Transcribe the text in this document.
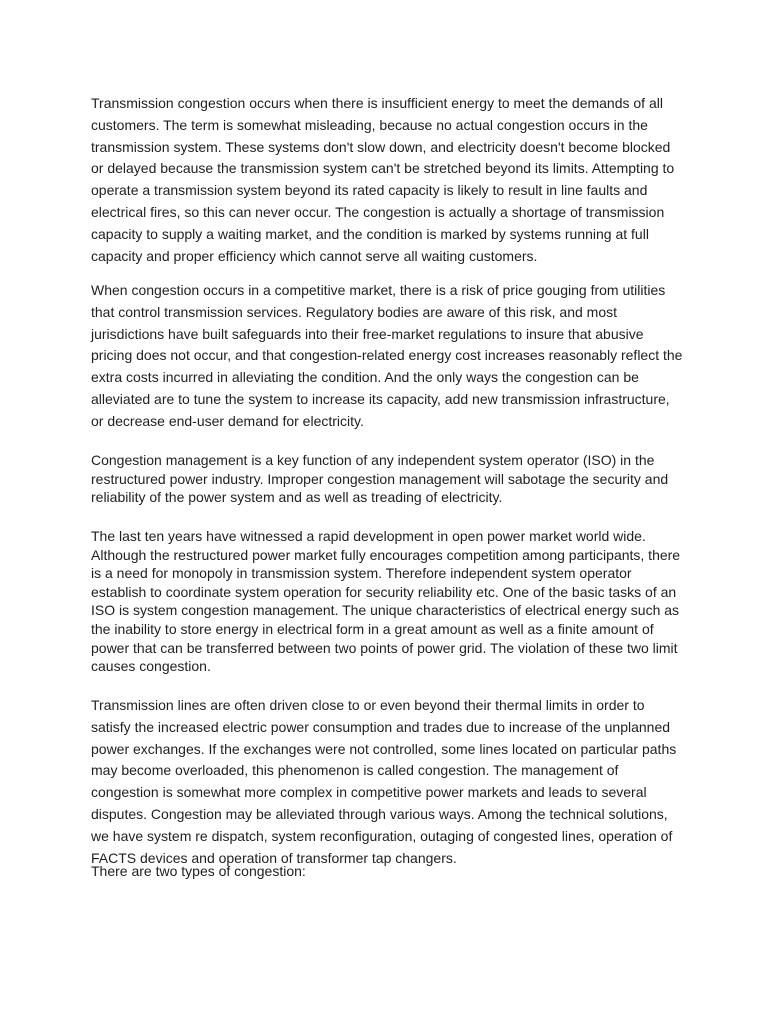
Transmission congestion occurs when there is insufficient energy to meet the demands of all customers. The term is somewhat misleading, because no actual congestion occurs in the transmission system. These systems don't slow down, and electricity doesn't become blocked or delayed because the transmission system can't be stretched beyond its limits. Attempting to operate a transmission system beyond its rated capacity is likely to result in line faults and electrical fires, so this can never occur. The congestion is actually a shortage of transmission capacity to supply a waiting market, and the condition is marked by systems running at full capacity and proper efficiency which cannot serve all waiting customers.

When congestion occurs in a competitive market, there is a risk of price gouging from utilities that control transmission services. Regulatory bodies are aware of this risk, and most jurisdictions have built safeguards into their free-market regulations to insure that abusive pricing does not occur, and that congestion-related energy cost increases reasonably reflect the extra costs incurred in alleviating the condition. And the only ways the congestion can be alleviated are to tune the system to increase its capacity, add new transmission infrastructure, or decrease end-user demand for electricity.

Congestion management is a key function of any independent system operator (ISO) in the restructured power industry. Improper congestion management will sabotage the security and reliability of the power system and as well as treading of electricity.

The last ten years have witnessed a rapid development in open power market world wide. Although the restructured power market fully encourages competition among participants, there is a need for monopoly in transmission system. Therefore independent system operator establish to coordinate system operation for security reliability etc. One of the basic tasks of an ISO is system congestion management. The unique characteristics of electrical energy such as the inability to store energy in electrical form in a great amount as well as a finite amount of power that can be transferred between two points of power grid. The violation of these two limit causes congestion.

Transmission lines are often driven close to or even beyond their thermal limits in order to satisfy the increased electric power consumption and trades due to increase of the unplanned power exchanges. If the exchanges were not controlled, some lines located on particular paths may become overloaded, this phenomenon is called congestion. The management of congestion is somewhat more complex in competitive power markets and leads to several disputes. Congestion may be alleviated through various ways. Among the technical solutions, we have system re dispatch, system reconfiguration, outaging of congested lines, operation of FACTS devices and operation of transformer tap changers.

There are two types of congestion:
